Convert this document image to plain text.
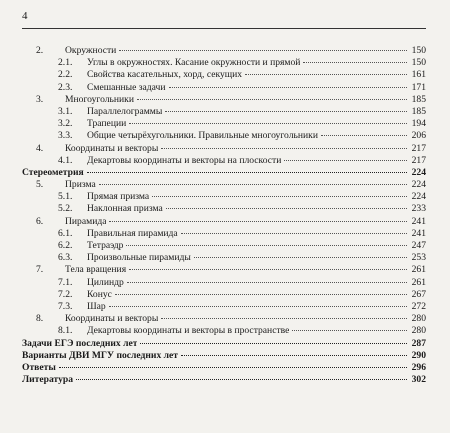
4
2.	Окружности	150
2.1.	Углы в окружностях. Касание окружности и прямой	150
2.2.	Свойства касательных, хорд, секущих	161
2.3.	Смешанные задачи	171
3.	Многоугольники	185
3.1.	Параллелограммы	185
3.2.	Трапеции	194
3.3.	Общие четырёхугольники. Правильные многоугольники	206
4.	Координаты и векторы	217
4.1.	Декартовы координаты и векторы на плоскости	217
Стереометрия	224
5.	Призма	224
5.1.	Прямая призма	224
5.2.	Наклонная призма	233
6.	Пирамида	241
6.1.	Правильная пирамида	241
6.2.	Тетраэдр	247
6.3.	Произвольные пирамиды	253
7.	Тела вращения	261
7.1.	Цилиндр	261
7.2.	Конус	267
7.3.	Шар	272
8.	Координаты и векторы	280
8.1.	Декартовы координаты и векторы в пространстве	280
Задачи ЕГЭ последних лет	287
Варианты ДВИ МГУ последних лет	290
Ответы	296
Литература	302
